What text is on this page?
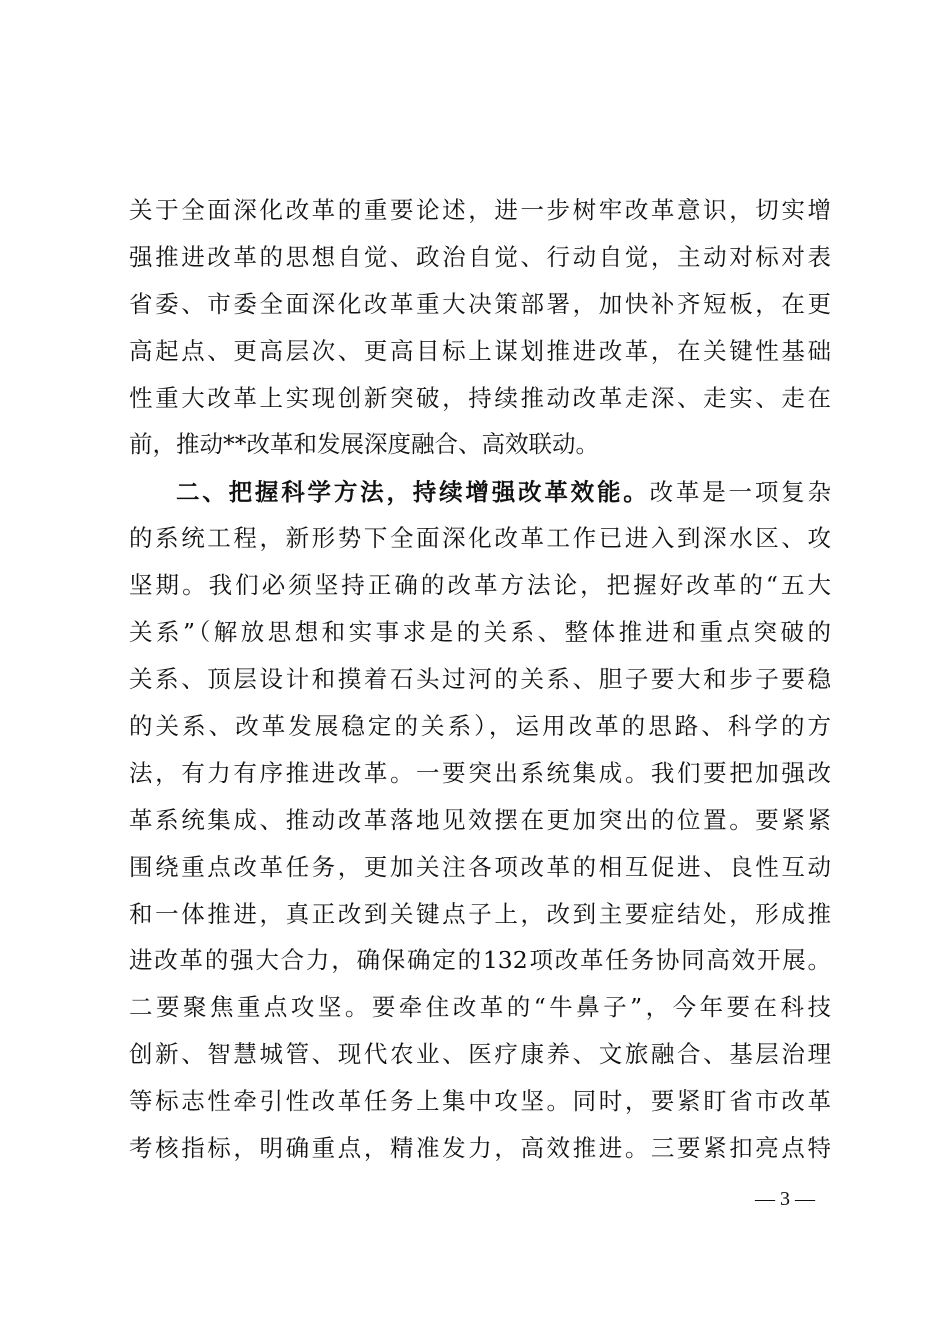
关于全面深化改革的重要论述，进一步树牢改革意识，切实增
强推进改革的思想自觉、政治自觉、行动自觉，主动对标对表
省委、市委全面深化改革重大决策部署，加快补齐短板，在更
高起点、更高层次、更高目标上谋划推进改革，在关键性基础
性重大改革上实现创新突破，持续推动改革走深、走实、走在
前，推动**改革和发展深度融合、高效联动。
二、把握科学方法，持续增强改革效能。改革是一项复杂
的系统工程，新形势下全面深化改革工作已进入到深水区、攻
坚期。我们必须坚持正确的改革方法论，把握好改革的“五大
关系”（解放思想和实事求是的关系、整体推进和重点突破的
关系、顶层设计和摸着石头过河的关系、胆子要大和步子要稳
的关系、改革发展稳定的关系），运用改革的思路、科学的方
法，有力有序推进改革。一要突出系统集成。我们要把加强改
革系统集成、推动改革落地见效摆在更加突出的位置。要紧紧
围绕重点改革任务，更加关注各项改革的相互促进、良性互动
和一体推进，真正改到关键点子上，改到主要症结处，形成推
进改革的强大合力，确保确定的132项改革任务协同高效开展。
二要聚焦重点攻坚。要牵住改革的“牛鼻子”，今年要在科技
创新、智慧城管、现代农业、医疗康养、文旅融合、基层治理
等标志性牵引性改革任务上集中攻坚。同时，要紧盯省市改革
考核指标，明确重点，精准发力，高效推进。三要紧扣亮点特
— 3 —
